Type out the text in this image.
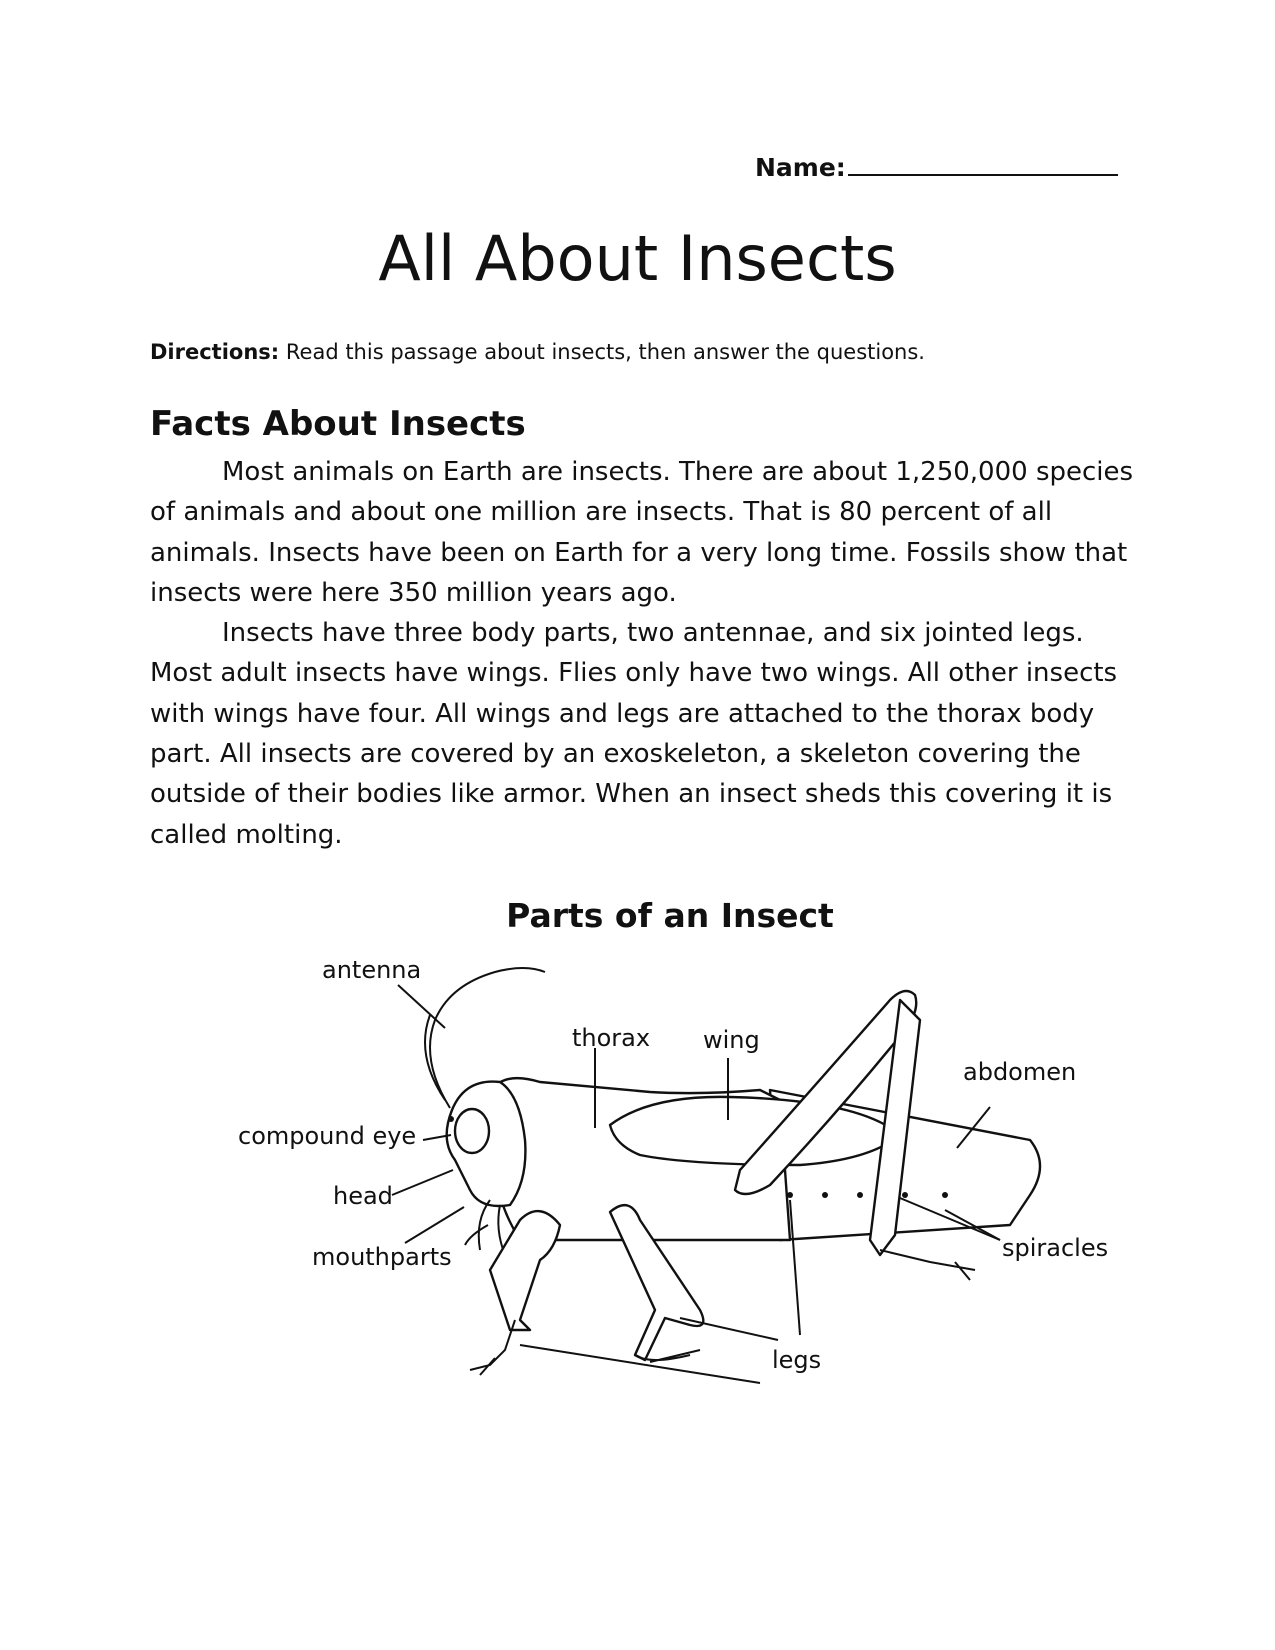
Name:
All About Insects
Directions: Read this passage about insects, then answer the questions.
Facts About Insects

Most animals on Earth are insects. There are about 1,250,000 species of animals and about one million are insects. That is 80 percent of all animals. Insects have been on Earth for a very long time. Fossils show that insects were here 350 million years ago.

Insects have three body parts, two antennae, and six jointed legs. Most adult insects have wings. Flies only have two wings. All other insects with wings have four. All wings and legs are attached to the thorax body part. All insects are covered by an exoskeleton, a skeleton covering the outside of their bodies like armor. When an insect sheds this covering it is called molting.

Parts of an Insect
antenna
thorax wing
abdomen
compound eye
head
mouthparts	spiracles
legs
